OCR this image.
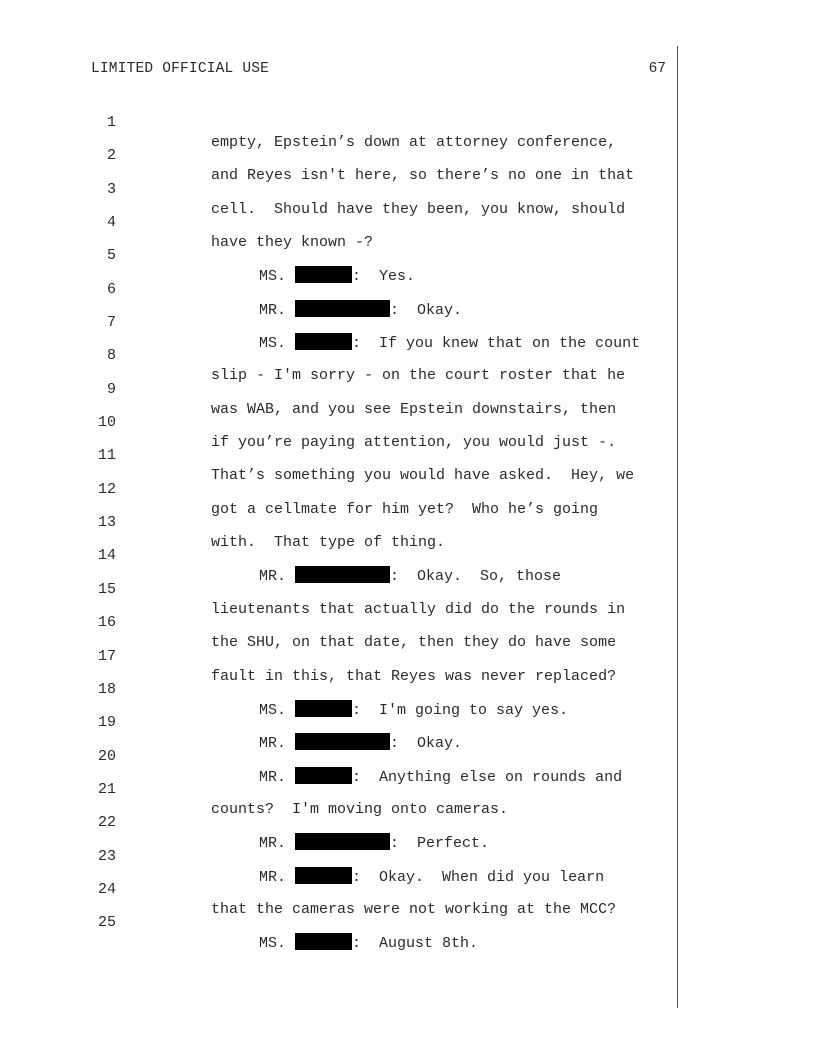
LIMITED OFFICIAL USE	67

1

empty, Epstein’s down at attorney conference,

2

and Reyes isn't here, so there’s no one in that

3

cell.  Should have they been, you know, should

4

have they known -?

5

MS.	:  Yes.

6

MR.	:  Okay.

7

MS.	:  If you knew that on the count

8

slip - I'm sorry - on the court roster that he

9

was WAB, and you see Epstein downstairs, then

10

if you’re paying attention, you would just -.

11

That’s something you would have asked.  Hey, we

12

got a cellmate for him yet?  Who he’s going

13

with.  That type of thing.

14

MR.	:  Okay.  So, those

15

lieutenants that actually did do the rounds in

16

the SHU, on that date, then they do have some

17

fault in this, that Reyes was never replaced?

18

MS.	:  I'm going to say yes.

19

MR.	:  Okay.

20

MR.	:  Anything else on rounds and

21

counts?  I'm moving onto cameras.

22

MR.	:  Perfect.

23

MR.	:  Okay.  When did you learn

24

that the cameras were not working at the MCC?

25

MS.	:  August 8th.
